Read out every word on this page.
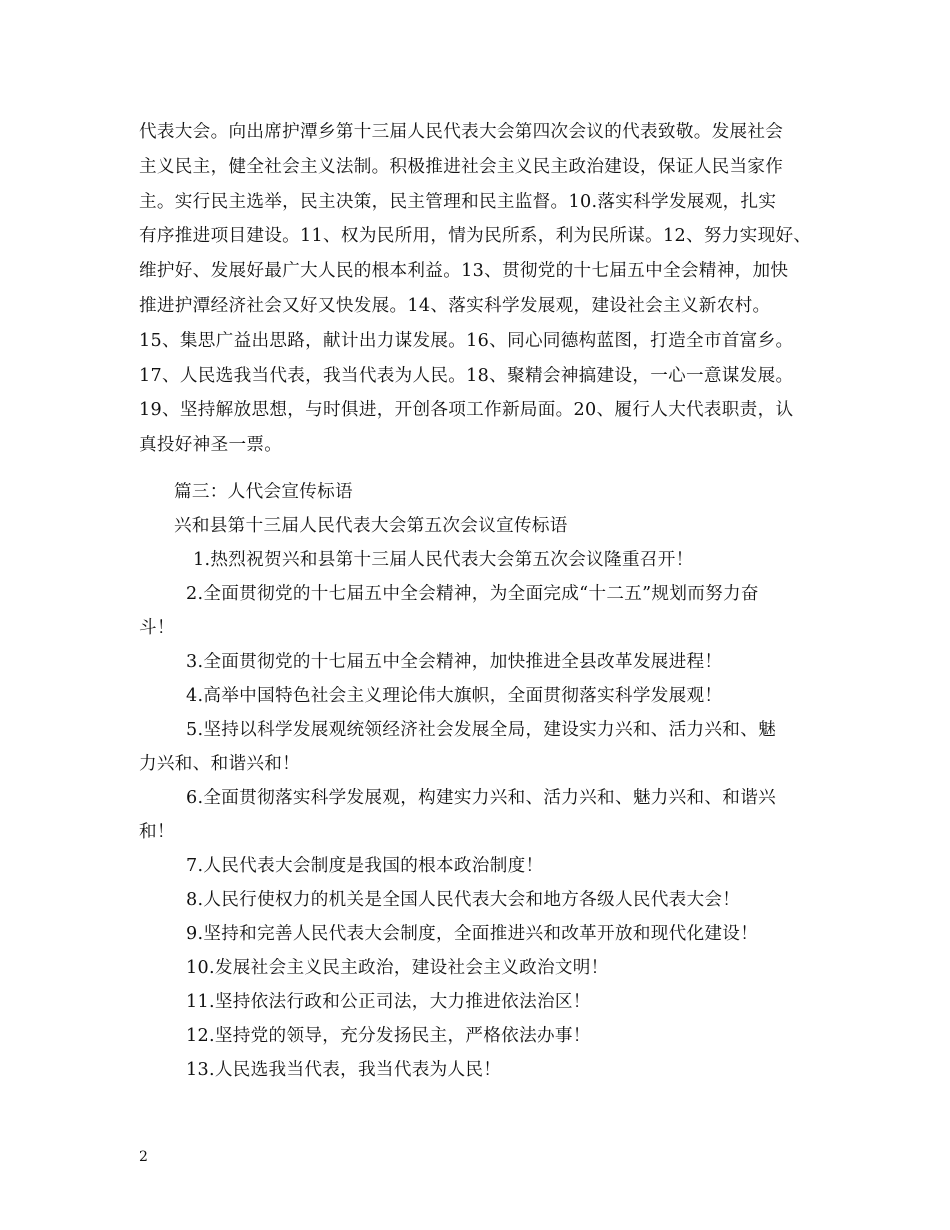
代表大会。向出席护潭乡第十三届人民代表大会第四次会议的代表致敬。发展社会
主义民主，健全社会主义法制。积极推进社会主义民主政治建设，保证人民当家作
主。实行民主选举，民主决策，民主管理和民主监督。10.落实科学发展观，扎实
有序推进项目建设。11、权为民所用，情为民所系，利为民所谋。12、努力实现好、
维护好、发展好最广大人民的根本利益。13、贯彻党的十七届五中全会精神，加快
推进护潭经济社会又好又快发展。14、落实科学发展观，建设社会主义新农村。
15、集思广益出思路，献计出力谋发展。16、同心同德构蓝图，打造全市首富乡。
17、人民选我当代表，我当代表为人民。18、聚精会神搞建设，一心一意谋发展。
19、坚持解放思想，与时俱进，开创各项工作新局面。20、履行人大代表职责，认
真投好神圣一票。
篇三：人代会宣传标语
兴和县第十三届人民代表大会第五次会议宣传标语
1.热烈祝贺兴和县第十三届人民代表大会第五次会议隆重召开！
2.全面贯彻党的十七届五中全会精神，为全面完成“十二五”规划而努力奋
斗！
3.全面贯彻党的十七届五中全会精神，加快推进全县改革发展进程！
4.高举中国特色社会主义理论伟大旗帜，全面贯彻落实科学发展观！
5.坚持以科学发展观统领经济社会发展全局，建设实力兴和、活力兴和、魅
力兴和、和谐兴和！
6.全面贯彻落实科学发展观，构建实力兴和、活力兴和、魅力兴和、和谐兴
和！
7.人民代表大会制度是我国的根本政治制度！
8.人民行使权力的机关是全国人民代表大会和地方各级人民代表大会！
9.坚持和完善人民代表大会制度，全面推进兴和改革开放和现代化建设！
10.发展社会主义民主政治，建设社会主义政治文明！
11.坚持依法行政和公正司法，大力推进依法治区！
12.坚持党的领导，充分发扬民主，严格依法办事！
13.人民选我当代表，我当代表为人民！
2
